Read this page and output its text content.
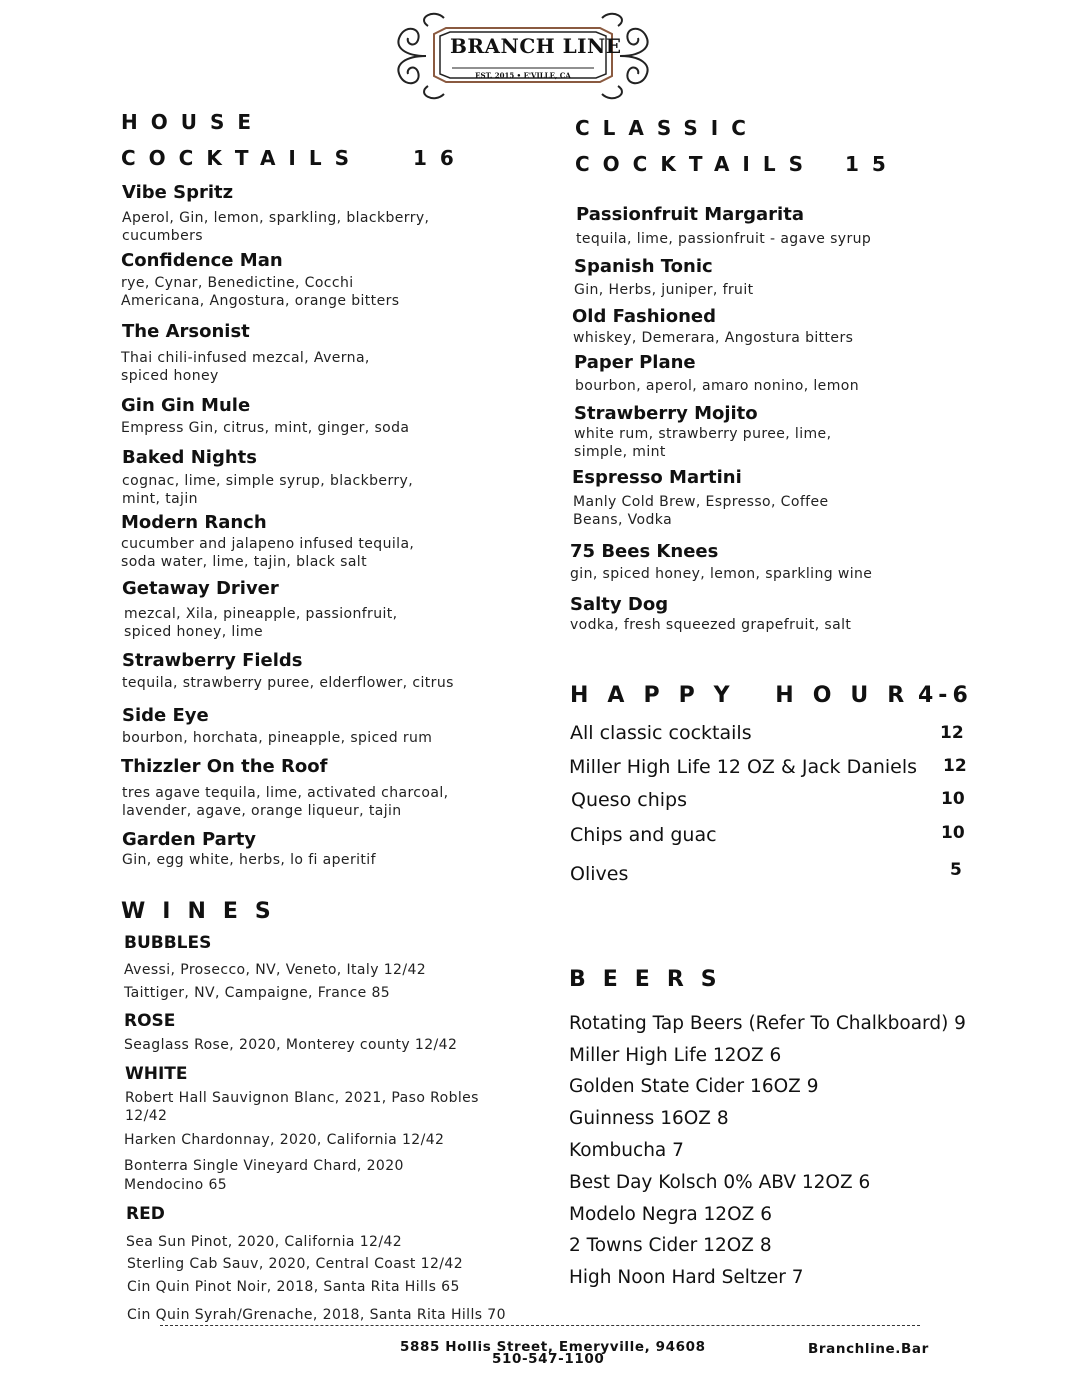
BRANCH LINE
EST. 2015 • E'VILLE, CA
HOUSE
COCKTAILS	16
Vibe Spritz
Aperol, Gin, lemon, sparkling, blackberry,
cucumbers
Confidence Man
rye, Cynar, Benedictine, Cocchi
Americana, Angostura, orange bitters
The Arsonist
Thai chili-infused mezcal, Averna,
spiced honey
Gin Gin Mule
Empress Gin, citrus, mint, ginger, soda
Baked Nights
cognac, lime, simple syrup, blackberry,
mint, tajin
Modern Ranch
cucumber and jalapeno infused tequila,
soda water, lime, tajin, black salt
Getaway Driver
mezcal, Xila, pineapple, passionfruit,
spiced honey, lime
Strawberry Fields
tequila, strawberry puree, elderflower, citrus
Side Eye
bourbon, horchata, pineapple, spiced rum
Thizzler On the Roof
tres agave tequila, lime, activated charcoal,
lavender, agave, orange liqueur, tajin
Garden Party
Gin, egg white, herbs, lo fi aperitif
CLASSIC
COCKTAILS 15
Passionfruit Margarita
tequila, lime, passionfruit - agave syrup
Spanish Tonic
Gin, Herbs, juniper, fruit
Old Fashioned
whiskey, Demerara, Angostura bitters
Paper Plane
bourbon, aperol, amaro nonino, lemon
Strawberry Mojito
white rum, strawberry puree, lime,
simple, mint
Espresso Martini
Manly Cold Brew, Espresso, Coffee
Beans, Vodka
75 Bees Knees
gin, spiced honey, lemon, sparkling wine
Salty Dog
vodka, fresh squeezed grapefruit, salt
HAPPY HOUR
4-6
All classic cocktails	12
Miller High Life 12 OZ & Jack Daniels 12
Queso chips	10
Chips and guac	10
Olives	5
WINES
BUBBLES
Avessi, Prosecco, NV, Veneto, Italy 12/42
Taittiger, NV, Campaigne, France 85
ROSE
Seaglass Rose, 2020, Monterey county 12/42
WHITE
Robert Hall Sauvignon Blanc, 2021, Paso Robles
12/42
Harken Chardonnay, 2020, California 12/42
Bonterra Single Vineyard Chard, 2020
Mendocino 65
RED
Sea Sun Pinot, 2020, California 12/42
Sterling Cab Sauv, 2020, Central Coast 12/42
Cin Quin Pinot Noir, 2018, Santa Rita Hills 65
Cin Quin Syrah/Grenache, 2018, Santa Rita Hills 70
BEERS
Rotating Tap Beers (Refer To Chalkboard) 9
Miller High Life 12OZ 6
Golden State Cider 16OZ 9
Guinness 16OZ 8
Kombucha 7
Best Day Kolsch 0% ABV 12OZ 6
Modelo Negra 12OZ 6
2 Towns Cider 12OZ 8
High Noon Hard Seltzer 7
5885 Hollis Street, Emeryville, 94608
510-547-1100
Branchline.Bar
